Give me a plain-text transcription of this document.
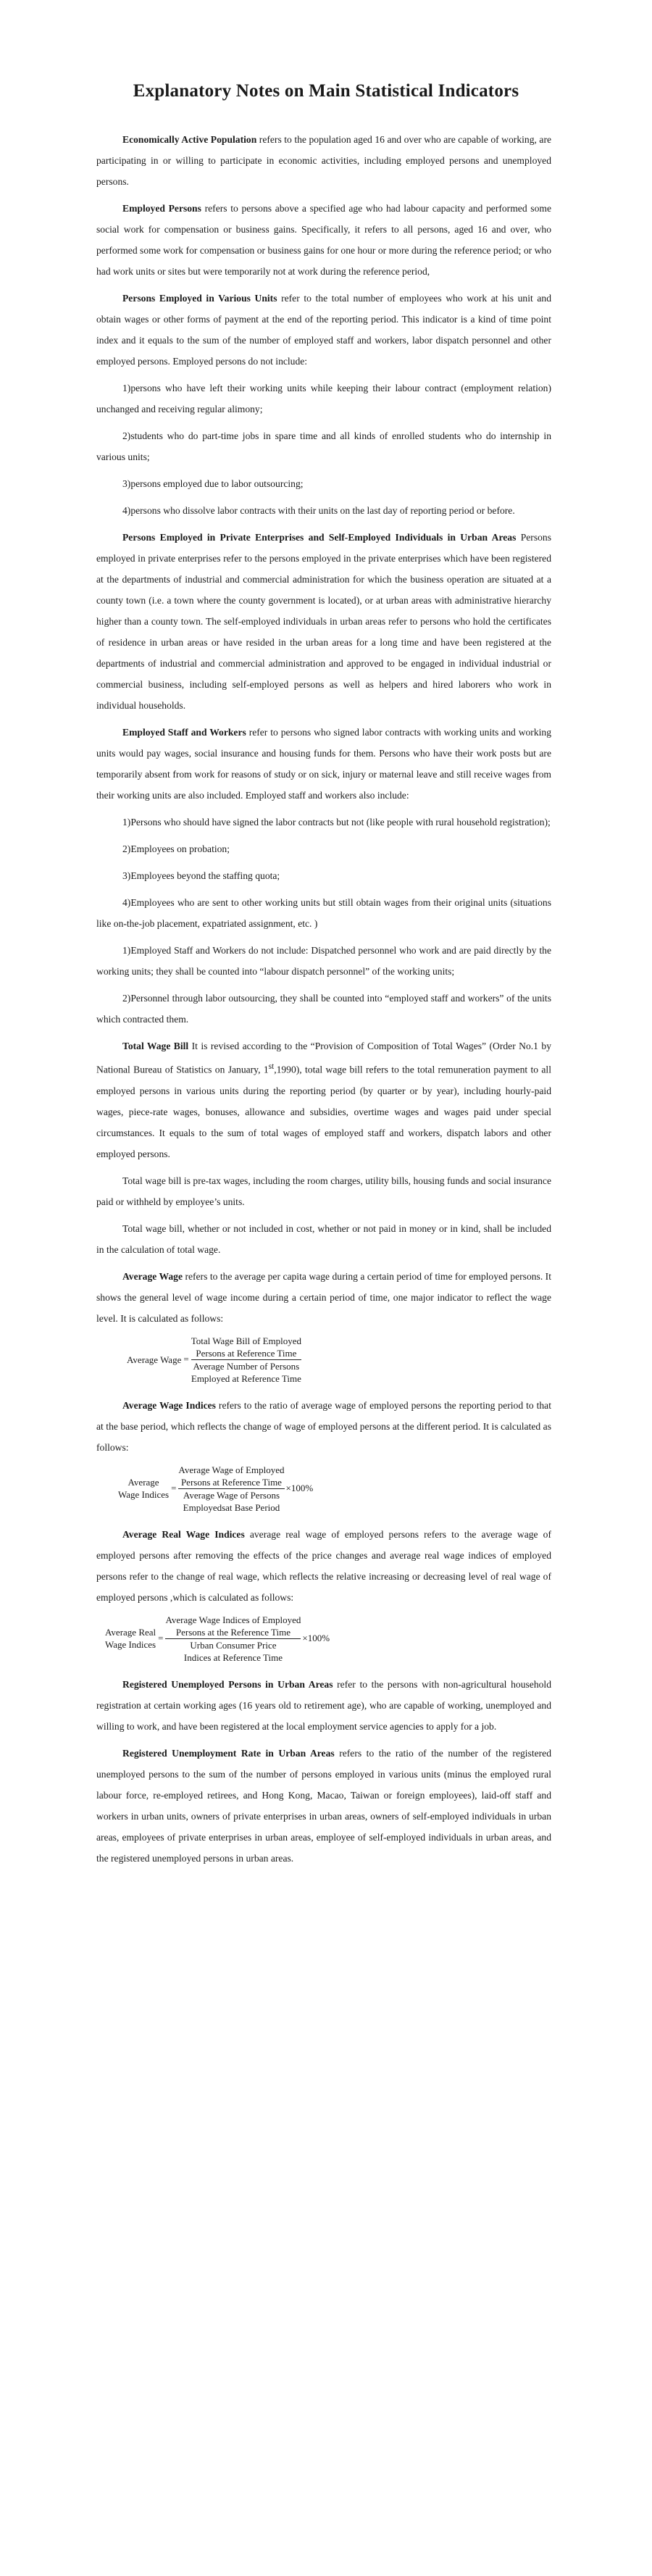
Explanatory Notes on Main Statistical Indicators

Economically Active Population refers to the population aged 16 and over who are capable of working, are participating in or willing to participate in economic activities, including employed persons and unemployed persons.

Employed Persons refers to persons above a specified age who had labour capacity and performed some social work for compensation or business gains. Specifically, it refers to all persons, aged 16 and over, who performed some work for compensation or business gains for one hour or more during the reference period; or who had work units or sites but were temporarily not at work during the reference period,

Persons Employed in Various Units refer to the total number of employees who work at his unit and obtain wages or other forms of payment at the end of the reporting period. This indicator is a kind of time point index and it equals to the sum of the number of employed staff and workers, labor dispatch personnel and other employed persons. Employed persons do not include:

1)persons who have left their working units while keeping their labour contract (employment relation) unchanged and receiving regular alimony;

2)students who do part-time jobs in spare time and all kinds of enrolled students who do internship in various units;

3)persons employed due to labor outsourcing;

4)persons who dissolve labor contracts with their units on the last day of reporting period or before.

Persons Employed in Private Enterprises and Self-Employed Individuals in Urban Areas Persons employed in private enterprises refer to the persons employed in the private enterprises which have been registered at the departments of industrial and commercial administration for which the business operation are situated at a county town (i.e. a town where the county government is located), or at urban areas with administrative hierarchy higher than a county town. The self-employed individuals in urban areas refer to persons who hold the certificates of residence in urban areas or have resided in the urban areas for a long time and have been registered at the departments of industrial and commercial administration and approved to be engaged in individual industrial or commercial business, including self-employed persons as well as helpers and hired laborers who work in individual households.

Employed Staff and Workers refer to persons who signed labor contracts with working units and working units would pay wages, social insurance and housing funds for them. Persons who have their work posts but are temporarily absent from work for reasons of study or on sick, injury or maternal leave and still receive wages from their working units are also included. Employed staff and workers also include:

1)Persons who should have signed the labor contracts but not (like people with rural household registration);

2)Employees on probation;

3)Employees beyond the staffing quota;

4)Employees who are sent to other working units but still obtain wages from their original units (situations like on-the-job placement, expatriated assignment, etc. )

1)Employed Staff and Workers do not include: Dispatched personnel who work and are paid directly by the working units; they shall be counted into “labour dispatch personnel” of the working units;

2)Personnel through labor outsourcing, they shall be counted into “employed staff and workers” of the units which contracted them.

Total Wage Bill It is revised according to the “Provision of Composition of Total Wages” (Order No.1 by National Bureau of Statistics on January, 1st,1990), total wage bill refers to the total remuneration payment to all employed persons in various units during the reporting period (by quarter or by year), including hourly-paid wages, piece-rate wages, bonuses, allowance and subsidies, overtime wages and wages paid under special circumstances. It equals to the sum of total wages of employed staff and workers, dispatch labors and other employed persons.

Total wage bill is pre-tax wages, including the room charges, utility bills, housing funds and social insurance paid or withheld by employee’s units.

Total wage bill, whether or not included in cost, whether or not paid in money or in kind, shall be included in the calculation of total wage.

Average Wage refers to the average per capita wage during a certain period of time for employed persons. It shows the general level of wage income during a certain period of time, one major indicator to reflect the wage level. It is calculated as follows:

Average Wage =
Total Wage Bill of Employed
Persons at Reference Time
Average Number of Persons
Employed at Reference Time

Average Wage Indices refers to the ratio of average wage of employed persons the reporting period to that at the base period, which reflects the change of wage of employed persons at the different period. It is calculated as follows:

Average
Wage Indices
=
Average Wage of Employed
Persons at Reference Time
Average Wage of Persons
Employedsat Base Period
×100%

Average Real Wage Indices average real wage of employed persons refers to the average wage of employed persons after removing the effects of the price changes and average real wage indices of employed persons refer to the change of real wage, which reflects the relative increasing or decreasing level of real wage of employed persons ,which is calculated as follows:

Average Real
Wage Indices
=
Average Wage Indices of Employed
Persons at the Reference Time
Urban Consumer Price
Indices at Reference Time
×100%

Registered Unemployed Persons in Urban Areas refer to the persons with non-agricultural household registration at certain working ages (16 years old to retirement age), who are capable of working, unemployed and willing to work, and have been registered at the local employment service agencies to apply for a job.

Registered Unemployment Rate in Urban Areas refers to the ratio of the number of the registered unemployed persons to the sum of the number of persons employed in various units (minus the employed rural labour force, re-employed retirees, and Hong Kong, Macao, Taiwan or foreign employees), laid-off staff and workers in urban units, owners of private enterprises in urban areas, owners of self-employed individuals in urban areas, employees of private enterprises in urban areas, employee of self-employed individuals in urban areas, and the registered unemployed persons in urban areas.
